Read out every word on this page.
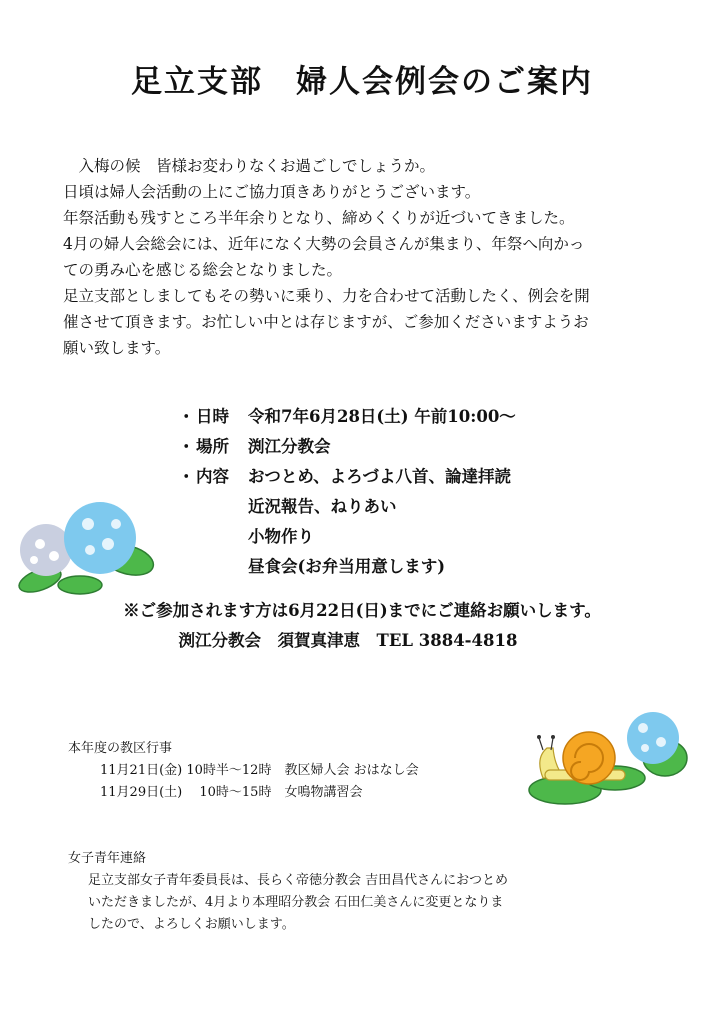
足立支部　婦人会例会のご案内

　入梅の候　皆様お変わりなくお過ごしでしょうか。

日頃は婦人会活動の上にご協力頂きありがとうございます。

年祭活動も残すところ半年余りとなり、締めくくりが近づいてきました。

4月の婦人会総会には、近年になく大勢の会員さんが集まり、年祭へ向かっ

ての勇み心を感じる総会となりました。

足立支部としましてもその勢いに乗り、力を合わせて活動したく、例会を開

催させて頂きます。お忙しい中とは存じますが、ご参加くださいますようお

願い致します。

・ 日時	令和7年6月28日(土) 午前10:00～
・ 場所	渕江分教会
・ 内容	おつとめ、よろづよ八首、論達拝読
近況報告、ねりあい
小物作り
昼食会(お弁当用意します)
※ご参加されます方は6月22日(日)までにご連絡お願いします。
渕江分教会　須賀真津恵　TEL 3884-4818
本年度の教区行事
11月21日(金) 10時半～12時　教区婦人会 おはなし会
11月29日(土)　 10時～15時　女鳴物講習会
女子青年連絡
足立支部女子青年委員長は、長らく帝徳分教会 吉田昌代さんにおつとめ
いただきましたが、4月より本理昭分教会 石田仁美さんに変更となりま
したので、よろしくお願いします。
